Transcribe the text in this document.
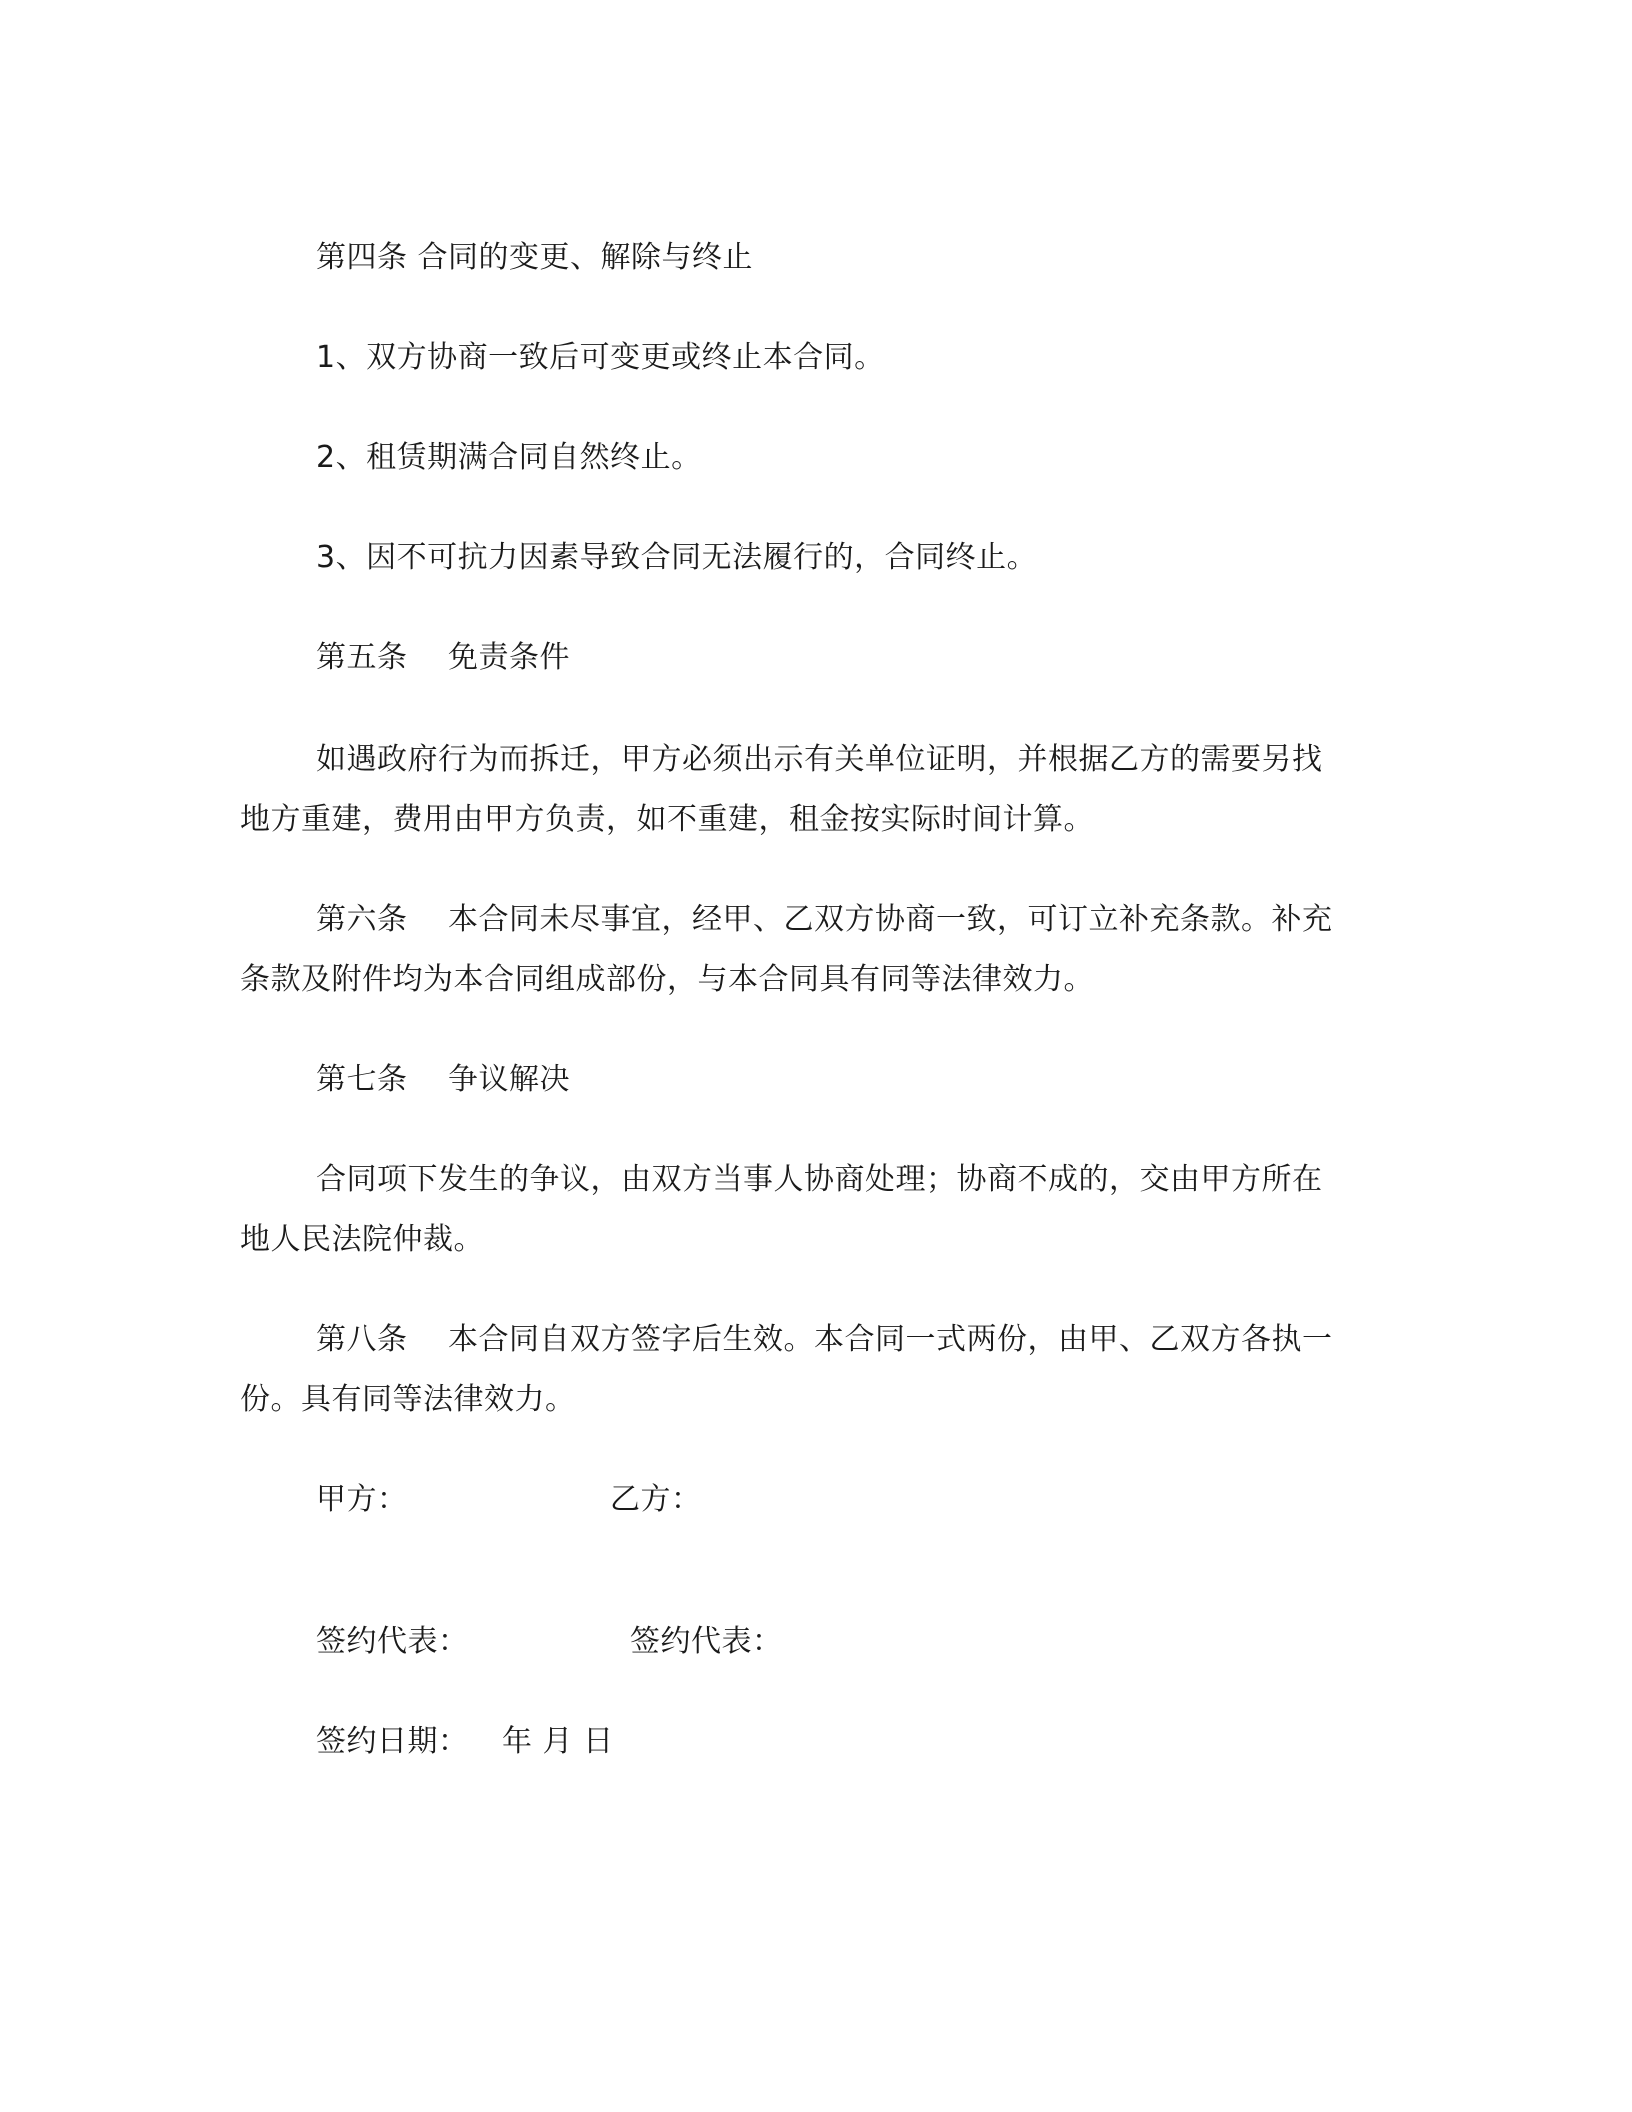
第四条 合同的变更、解除与终止
1、双方协商一致后可变更或终止本合同。
2、租赁期满合同自然终止。
3、因不可抗力因素导致合同无法履行的，合同终止。
第五条　 免责条件
如遇政府行为而拆迁，甲方必须出示有关单位证明，并根据乙方的需要另找
地方重建，费用由甲方负责，如不重建，租金按实际时间计算。
第六条　 本合同未尽事宜，经甲、乙双方协商一致，可订立补充条款。补充
条款及附件均为本合同组成部份，与本合同具有同等法律效力。
第七条　 争议解决
合同项下发生的争议，由双方当事人协商处理；协商不成的，交由甲方所在
地人民法院仲裁。
第八条　 本合同自双方签字后生效。本合同一式两份，由甲、乙双方各执一
份。具有同等法律效力。
甲方：	乙方：
签约代表：	签约代表：
签约日期： 年 月 日
